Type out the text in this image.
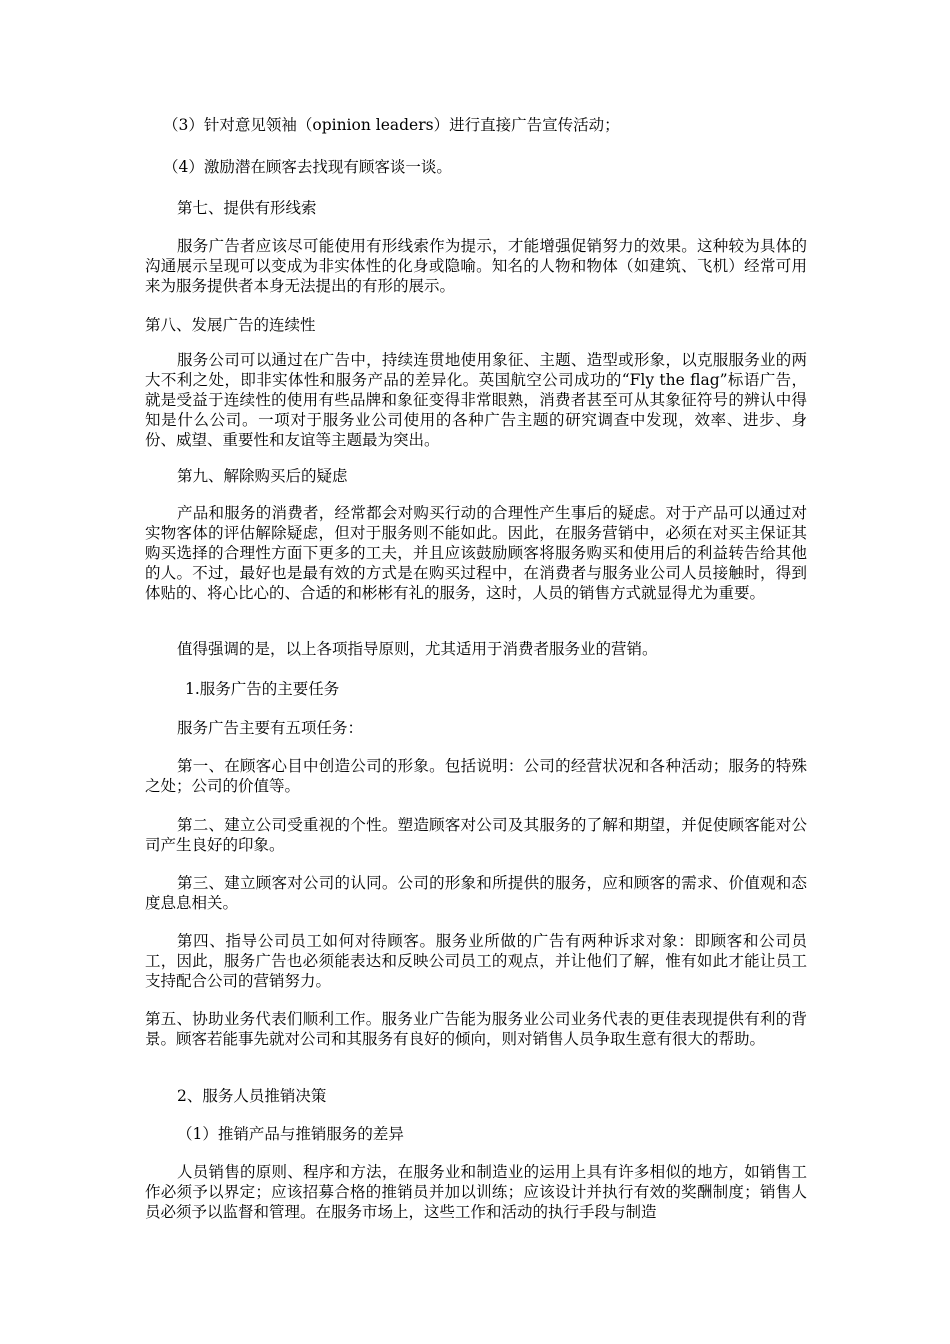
（3）针对意见领袖（opinion leaders）进行直接广告宣传活动；

（4）激励潜在顾客去找现有顾客谈一谈。

第七、提供有形线索

服务广告者应该尽可能使用有形线索作为提示，才能增强促销努力的效果。这种较为具体的沟通展示呈现可以变成为非实体性的化身或隐喻。知名的人物和物体（如建筑、飞机）经常可用来为服务提供者本身无法提出的有形的展示。

第八、发展广告的连续性

服务公司可以通过在广告中，持续连贯地使用象征、主题、造型或形象，以克服服务业的两大不利之处，即非实体性和服务产品的差异化。英国航空公司成功的“Fly the flag”标语广告，就是受益于连续性的使用有些品牌和象征变得非常眼熟，消费者甚至可从其象征符号的辨认中得知是什么公司。一项对于服务业公司使用的各种广告主题的研究调查中发现，效率、进步、身份、威望、重要性和友谊等主题最为突出。

第九、解除购买后的疑虑

产品和服务的消费者，经常都会对购买行动的合理性产生事后的疑虑。对于产品可以通过对实物客体的评估解除疑虑，但对于服务则不能如此。因此，在服务营销中，必须在对买主保证其购买选择的合理性方面下更多的工夫，并且应该鼓励顾客将服务购买和使用后的利益转告给其他的人。不过，最好也是最有效的方式是在购买过程中，在消费者与服务业公司人员接触时，得到体贴的、将心比心的、合适的和彬彬有礼的服务，这时，人员的销售方式就显得尤为重要。

值得强调的是，以上各项指导原则，尤其适用于消费者服务业的营销。

1.服务广告的主要任务

服务广告主要有五项任务：

第一、在顾客心目中创造公司的形象。包括说明：公司的经营状况和各种活动；服务的特殊之处；公司的价值等。

第二、建立公司受重视的个性。塑造顾客对公司及其服务的了解和期望，并促使顾客能对公司产生良好的印象。

第三、建立顾客对公司的认同。公司的形象和所提供的服务，应和顾客的需求、价值观和态度息息相关。

第四、指导公司员工如何对待顾客。服务业所做的广告有两种诉求对象：即顾客和公司员工，因此，服务广告也必须能表达和反映公司员工的观点，并让他们了解，惟有如此才能让员工支持配合公司的营销努力。

第五、协助业务代表们顺利工作。服务业广告能为服务业公司业务代表的更佳表现提供有利的背景。顾客若能事先就对公司和其服务有良好的倾向，则对销售人员争取生意有很大的帮助。

2、服务人员推销决策

（1）推销产品与推销服务的差异

人员销售的原则、程序和方法，在服务业和制造业的运用上具有许多相似的地方，如销售工作必须予以界定；应该招募合格的推销员并加以训练；应该设计并执行有效的奖酬制度；销售人员必须予以监督和管理。在服务市场上，这些工作和活动的执行手段与制造
